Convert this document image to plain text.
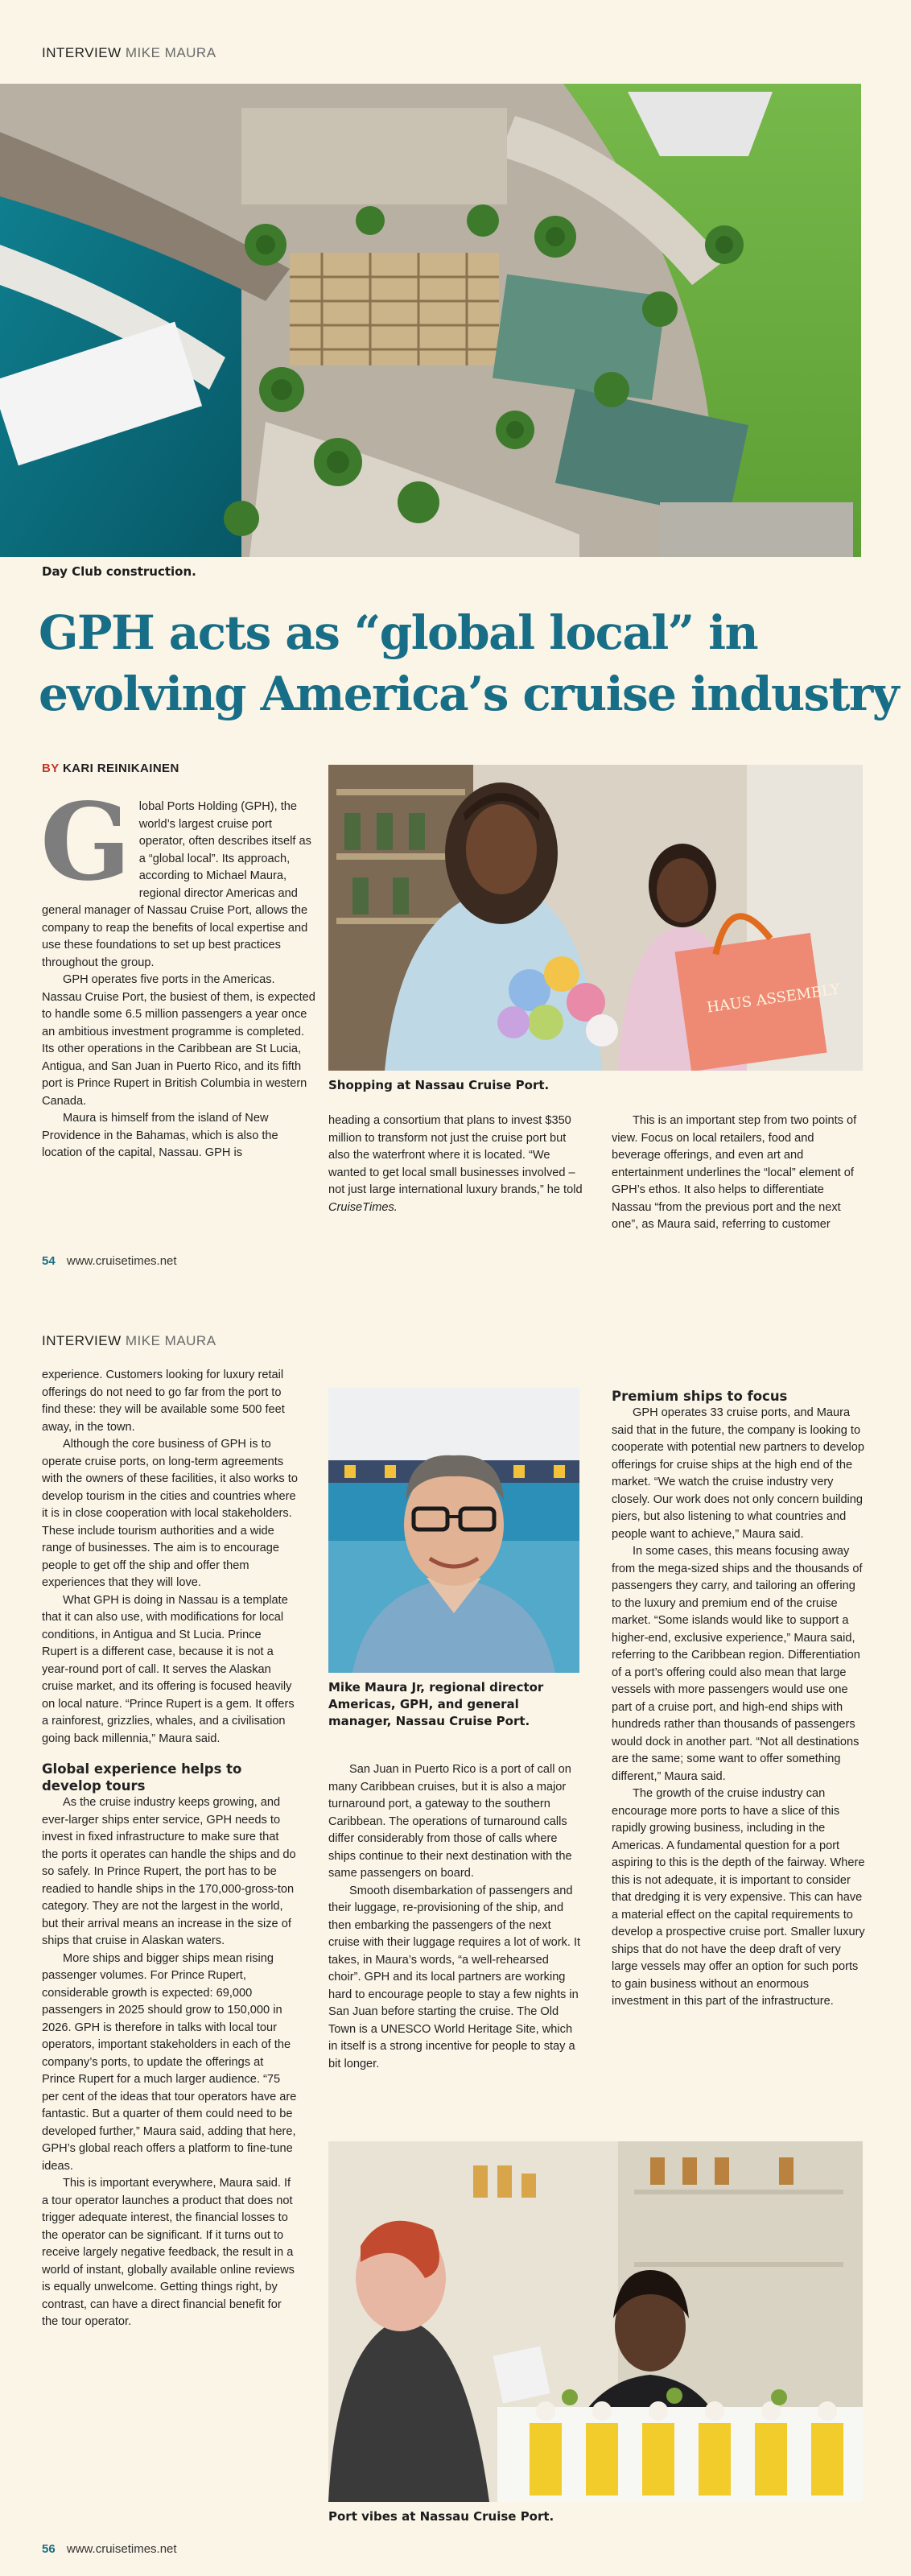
INTERVIEW MIKE MAURA
Day Club construction.
GPH acts as “global local” in
evolving America’s cruise industry
BY KARI REINIKAINEN

Global Ports Holding (GPH), the world’s largest cruise port operator, often describes itself as a “global local”. Its approach, according to Michael Maura, regional director Americas and general manager of Nassau Cruise Port, allows the company to reap the benefits of local expertise and use these foundations to set up best practices throughout the group.

GPH operates five ports in the Americas. Nassau Cruise Port, the busiest of them, is expected to handle some 6.5 million passengers a year once an ambitious investment programme is completed. Its other operations in the Caribbean are St Lucia, Antigua, and San Juan in Puerto Rico, and its fifth port is Prince Rupert in British Columbia in western Canada.

Maura is himself from the island of New Providence in the Bahamas, which is also the location of the capital, Nassau. GPH is

HAUS ASSEMBLY
Shopping at Nassau Cruise Port.

heading a consortium that plans to invest $350 million to transform not just the cruise port but also the waterfront where it is located. “We wanted to get local small businesses involved – not just large international luxury brands,” he told CruiseTimes.

This is an important step from two points of view. Focus on local retailers, food and beverage offerings, and even art and entertainment underlines the “local” element of GPH’s ethos. It also helps to differentiate Nassau “from the previous port and the next one”, as Maura said, referring to customer

54 www.cruisetimes.net
INTERVIEW MIKE MAURA

experience. Customers looking for luxury retail offerings do not need to go far from the port to find these: they will be available some 500 feet away, in the town.

Although the core business of GPH is to operate cruise ports, on long-term agreements with the owners of these facilities, it also works to develop tourism in the cities and countries where it is in close cooperation with local stakeholders. These include tourism authorities and a wide range of businesses. The aim is to encourage people to get off the ship and offer them experiences that they will love.

What GPH is doing in Nassau is a template that it can also use, with modifications for local conditions, in Antigua and St Lucia. Prince Rupert is a different case, because it is not a year-round port of call. It serves the Alaskan cruise market, and its offering is focused heavily on local nature. “Prince Rupert is a gem. It offers a rainforest, grizzlies, whales, and a civilisation going back millennia,” Maura said.

Global experience helps to develop tours

As the cruise industry keeps growing, and ever-larger ships enter service, GPH needs to invest in fixed infrastructure to make sure that the ports it operates can handle the ships and do so safely. In Prince Rupert, the port has to be readied to handle ships in the 170,000-gross-ton category. They are not the largest in the world, but their arrival means an increase in the size of ships that cruise in Alaskan waters.

More ships and bigger ships mean rising passenger volumes. For Prince Rupert, considerable growth is expected: 69,000 passengers in 2025 should grow to 150,000 in 2026. GPH is therefore in talks with local tour operators, important stakeholders in each of the company’s ports, to update the offerings at Prince Rupert for a much larger audience. “75 per cent of the ideas that tour operators have are fantastic. But a quarter of them could need to be developed further,” Maura said, adding that here, GPH’s global reach offers a platform to fine-tune ideas.

This is important everywhere, Maura said. If a tour operator launches a product that does not trigger adequate interest, the financial losses to the operator can be significant. If it turns out to receive largely negative feedback, the result in a world of instant, globally available online reviews is equally unwelcome. Getting things right, by contrast, can have a direct financial benefit for the tour operator.

Mike Maura Jr, regional director Americas, GPH, and general manager, Nassau Cruise Port.

San Juan in Puerto Rico is a port of call on many Caribbean cruises, but it is also a major turnaround port, a gateway to the southern Caribbean. The operations of turnaround calls differ considerably from those of calls where ships continue to their next destination with the same passengers on board.

Smooth disembarkation of passengers and their luggage, re-provisioning of the ship, and then embarking the passengers of the next cruise with their luggage requires a lot of work. It takes, in Maura’s words, “a well-rehearsed choir”. GPH and its local partners are working hard to encourage people to stay a few nights in San Juan before starting the cruise. The Old Town is a UNESCO World Heritage Site, which in itself is a strong incentive for people to stay a bit longer.

Premium ships to focus

GPH operates 33 cruise ports, and Maura said that in the future, the company is looking to cooperate with potential new partners to develop offerings for cruise ships at the high end of the market. “We watch the cruise industry very closely. Our work does not only concern building piers, but also listening to what countries and people want to achieve,” Maura said.

In some cases, this means focusing away from the mega-sized ships and the thousands of passengers they carry, and tailoring an offering to the luxury and premium end of the cruise market. “Some islands would like to support a higher-end, exclusive experience,” Maura said, referring to the Caribbean region. Differentiation of a port’s offering could also mean that large vessels with more passengers would use one part of a cruise port, and high-end ships with hundreds rather than thousands of passengers would dock in another part. “Not all destinations are the same; some want to offer something different,” Maura said.

The growth of the cruise industry can encourage more ports to have a slice of this rapidly growing business, including in the Americas. A fundamental question for a port aspiring to this is the depth of the fairway. Where this is not adequate, it is important to consider that dredging it is very expensive. This can have a material effect on the capital requirements to develop a prospective cruise port. Smaller luxury ships that do not have the deep draft of very large vessels may offer an option for such ports to gain business without an enormous investment in this part of the infrastructure.

Port vibes at Nassau Cruise Port.
56 www.cruisetimes.net
